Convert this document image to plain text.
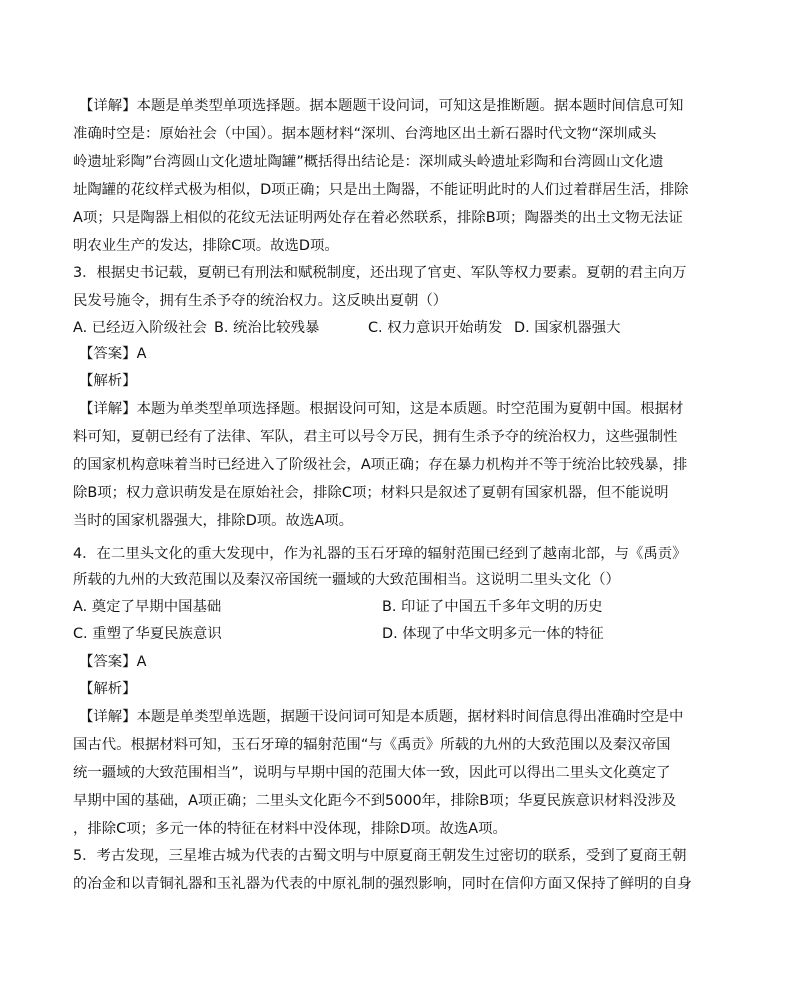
【详解】本题是单类型单项选择题。据本题题干设问词，可知这是推断题。据本题时间信息可知
准确时空是：原始社会（中国）。据本题材料“深圳、台湾地区出土新石器时代文物“深圳咸头
岭遗址彩陶”台湾圆山文化遗址陶罐”概括得出结论是：深圳咸头岭遗址彩陶和台湾圆山文化遗
址陶罐的花纹样式极为相似，D项正确；只是出土陶器，不能证明此时的人们过着群居生活，排除
A项；只是陶器上相似的花纹无法证明两处存在着必然联系，排除B项；陶器类的出土文物无法证
明农业生产的发达，排除C项。故选D项。
3．根据史书记载，夏朝已有刑法和赋税制度，还出现了官吏、军队等权力要素。夏朝的君主向万
民发号施令，拥有生杀予夺的统治权力。这反映出夏朝（）
A. 已经迈入阶级社会 B. 统治比较残暴	C. 权力意识开始萌发 D. 国家机器强大
【答案】A
【解析】
【详解】本题为单类型单项选择题。根据设问可知，这是本质题。时空范围为夏朝中国。根据材
料可知，夏朝已经有了法律、军队，君主可以号令万民，拥有生杀予夺的统治权力，这些强制性
的国家机构意味着当时已经进入了阶级社会，A项正确；存在暴力机构并不等于统治比较残暴，排
除B项；权力意识萌发是在原始社会，排除C项；材料只是叙述了夏朝有国家机器，但不能说明
当时的国家机器强大，排除D项。故选A项。
4．在二里头文化的重大发现中，作为礼器的玉石牙璋的辐射范围已经到了越南北部，与《禹贡》
所载的九州的大致范围以及秦汉帝国统一疆域的大致范围相当。这说明二里头文化（）
A. 奠定了早期中国基础	B. 印证了中国五千多年文明的历史
C. 重塑了华夏民族意识	D. 体现了中华文明多元一体的特征
【答案】A
【解析】
【详解】本题是单类型单选题，据题干设问词可知是本质题，据材料时间信息得出准确时空是中
国古代。根据材料可知，玉石牙璋的辐射范围“与《禹贡》所载的九州的大致范围以及秦汉帝国
统一疆域的大致范围相当”，说明与早期中国的范围大体一致，因此可以得出二里头文化奠定了
早期中国的基础，A项正确；二里头文化距今不到5000年，排除B项；华夏民族意识材料没涉及
，排除C项；多元一体的特征在材料中没体现，排除D项。故选A项。
5．考古发现，三星堆古城为代表的古蜀文明与中原夏商王朝发生过密切的联系，受到了夏商王朝
的冶金和以青铜礼器和玉礼器为代表的中原礼制的强烈影响，同时在信仰方面又保持了鲜明的自身
